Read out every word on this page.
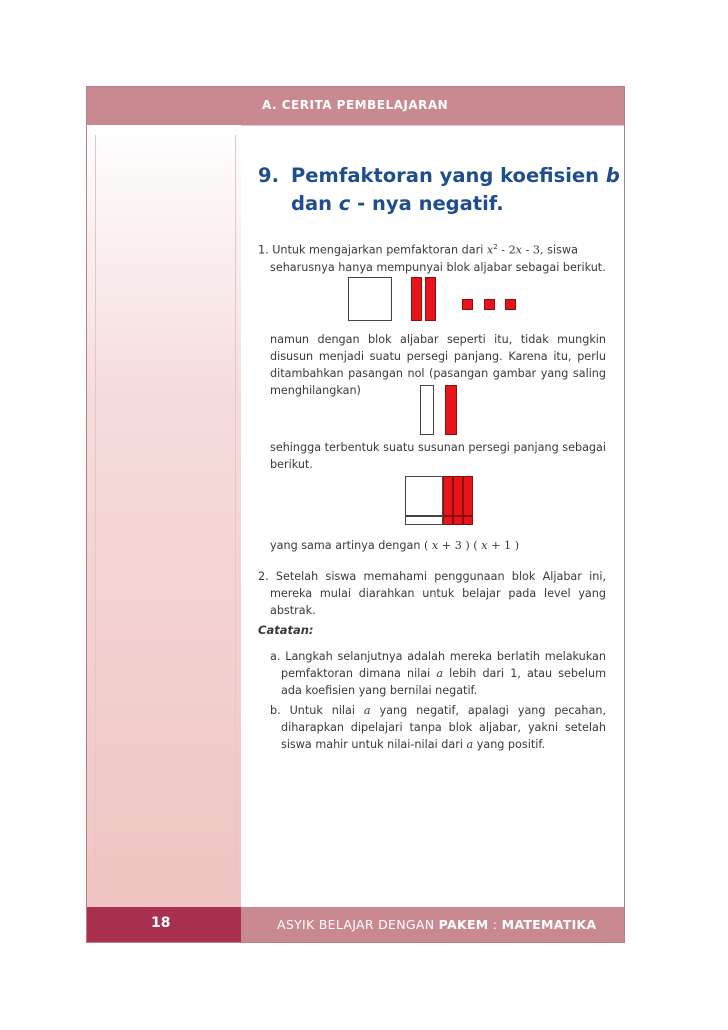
A. CERITA PEMBELAJARAN
9. Pemfaktoran yang koefisien b
dan c - nya negatif.
1. Untuk mengajarkan pemfaktoran dari $x^2 - 2x - 3$, siswa
seharusnya hanya mempunyai blok aljabar sebagai berikut.
namun dengan blok aljabar seperti itu, tidak mungkin disusun menjadi suatu persegi panjang. Karena itu, perlu ditambahkan pasangan nol (pasangan gambar yang saling menghilangkan)
sehingga terbentuk suatu susunan persegi panjang sebagai berikut.
yang sama artinya dengan ( x + 3 ) ( x + 1 )
2. Setelah siswa memahami penggunaan blok Aljabar ini, mereka mulai diarahkan untuk belajar pada level yang abstrak.
Catatan:
a. Langkah selanjutnya adalah mereka berlatih melakukan pemfaktoran dimana nilai a lebih dari 1, atau sebelum ada koefisien yang bernilai negatif.
b. Untuk nilai a yang negatif, apalagi yang pecahan, diharapkan dipelajari tanpa blok aljabar, yakni setelah siswa mahir untuk nilai-nilai dari a yang positif.
18	ASYIK BELAJAR DENGAN PAKEM : MATEMATIKA
